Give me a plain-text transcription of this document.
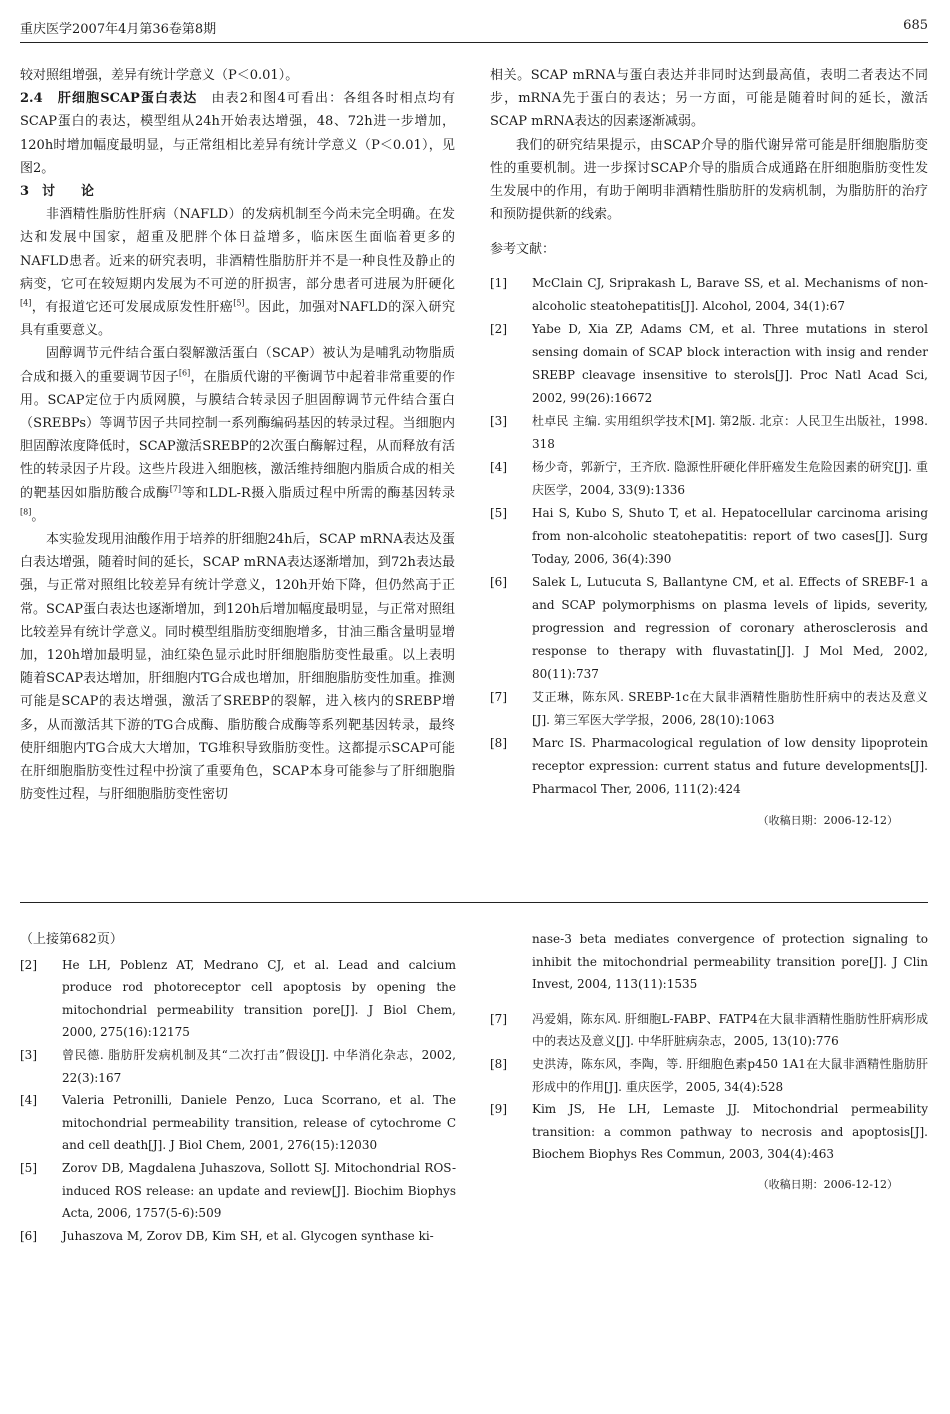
重庆医学2007年4月第36卷第8期	685

较对照组增强，差异有统计学意义（P＜0.01）。

2.4　肝细胞SCAP蛋白表达　由表2和图4可看出：各组各时相点均有SCAP蛋白的表达，模型组从24h开始表达增强，48、72h进一步增加，120h时增加幅度最明显，与正常组相比差异有统计学意义（P＜0.01），见图2。

3　讨　　论

非酒精性脂肪性肝病（NAFLD）的发病机制至今尚未完全明确。在发达和发展中国家，超重及肥胖个体日益增多，临床医生面临着更多的NAFLD患者。近来的研究表明，非酒精性脂肪肝并不是一种良性及静止的病变，它可在较短期内发展为不可逆的肝损害，部分患者可进展为肝硬化[4]，有报道它还可发展成原发性肝癌[5]。因此，加强对NAFLD的深入研究具有重要意义。

固醇调节元件结合蛋白裂解激活蛋白（SCAP）被认为是哺乳动物脂质合成和摄入的重要调节因子[6]，在脂质代谢的平衡调节中起着非常重要的作用。SCAP定位于内质网膜，与膜结合转录因子胆固醇调节元件结合蛋白（SREBPs）等调节因子共同控制一系列酶编码基因的转录过程。当细胞内胆固醇浓度降低时，SCAP激活SREBP的2次蛋白酶解过程，从而释放有活性的转录因子片段。这些片段进入细胞核，激活维持细胞内脂质合成的相关的靶基因如脂肪酸合成酶[7]等和LDL-R摄入脂质过程中所需的酶基因转录[8]。

本实验发现用油酸作用于培养的肝细胞24h后，SCAP mRNA表达及蛋白表达增强，随着时间的延长，SCAP mRNA表达逐渐增加，到72h表达最强，与正常对照组比较差异有统计学意义，120h开始下降，但仍然高于正常。SCAP蛋白表达也逐渐增加，到120h后增加幅度最明显，与正常对照组比较差异有统计学意义。同时模型组脂肪变细胞增多，甘油三酯含量明显增加，120h增加最明显，油红染色显示此时肝细胞脂肪变性最重。以上表明随着SCAP表达增加，肝细胞内TG合成也增加，肝细胞脂肪变性加重。推测可能是SCAP的表达增强，激活了SREBP的裂解，进入核内的SREBP增多，从而激活其下游的TG合成酶、脂肪酸合成酶等系列靶基因转录，最终使肝细胞内TG合成大大增加，TG堆积导致脂肪变性。这都提示SCAP可能在肝细胞脂肪变性过程中扮演了重要角色，SCAP本身可能参与了肝细胞脂肪变性过程，与肝细胞脂肪变性密切

相关。SCAP mRNA与蛋白表达并非同时达到最高值，表明二者表达不同步，mRNA先于蛋白的表达；另一方面，可能是随着时间的延长，激活SCAP mRNA表达的因素逐渐减弱。

我们的研究结果提示，由SCAP介导的脂代谢异常可能是肝细胞脂肪变性的重要机制。进一步探讨SCAP介导的脂质合成通路在肝细胞脂肪变性发生发展中的作用，有助于阐明非酒精性脂肪肝的发病机制，为脂肪肝的治疗和预防提供新的线索。

参考文献：

[1] McClain CJ, Sriprakash L, Barave SS, et al. Mechanisms of non-alcoholic steatohepatitis[J]. Alcohol, 2004, 34(1):67
[2] Yabe D, Xia ZP, Adams CM, et al. Three mutations in sterol sensing domain of SCAP block interaction with insig and render SREBP cleavage insensitive to sterols[J]. Proc Natl Acad Sci, 2002, 99(26):16672
[3] 杜卓民 主编. 实用组织学技术[M]. 第2版. 北京：人民卫生出版社，1998. 318
[4] 杨少奇，郭新宁，王齐欣. 隐源性肝硬化伴肝癌发生危险因素的研究[J]. 重庆医学，2004, 33(9):1336
[5] Hai S, Kubo S, Shuto T, et al. Hepatocellular carcinoma arising from non-alcoholic steatohepatitis: report of two cases[J]. Surg Today, 2006, 36(4):390
[6] Salek L, Lutucuta S, Ballantyne CM, et al. Effects of SREBF-1 a and SCAP polymorphisms on plasma levels of lipids, severity, progression and regression of coronary atherosclerosis and response to therapy with fluvastatin[J]. J Mol Med, 2002, 80(11):737
[7] 艾正琳，陈东风. SREBP-1c在大鼠非酒精性脂肪性肝病中的表达及意义[J]. 第三军医大学学报，2006, 28(10):1063
[8] Marc IS. Pharmacological regulation of low density lipoprotein receptor expression: current status and future developments[J]. Pharmacol Ther, 2006, 111(2):424

（收稿日期：2006-12-12）

（上接第682页）

[2] He LH, Poblenz AT, Medrano CJ, et al. Lead and calcium produce rod photoreceptor cell apoptosis by opening the mitochondrial permeability transition pore[J]. J Biol Chem, 2000, 275(16):12175
[3] 曾民德. 脂肪肝发病机制及其“二次打击”假设[J]. 中华消化杂志，2002, 22(3):167
[4] Valeria Petronilli, Daniele Penzo, Luca Scorrano, et al. The mitochondrial permeability transition, release of cytochrome C and cell death[J]. J Biol Chem, 2001, 276(15):12030
[5] Zorov DB, Magdalena Juhaszova, Sollott SJ. Mitochondrial ROS-induced ROS release: an update and review[J]. Biochim Biophys Acta, 2006, 1757(5-6):509
[6] Juhaszova M, Zorov DB, Kim SH, et al. Glycogen synthase ki-

nase-3 beta mediates convergence of protection signaling to inhibit the mitochondrial permeability transition pore[J]. J Clin Invest, 2004, 113(11):1535

[7] 冯爱娟，陈东风. 肝细胞L-FABP、FATP4在大鼠非酒精性脂肪性肝病形成中的表达及意义[J]. 中华肝脏病杂志，2005, 13(10):776
[8] 史洪涛，陈东风，李陶，等. 肝细胞色素p450 1A1在大鼠非酒精性脂肪肝形成中的作用[J]. 重庆医学，2005, 34(4):528
[9] Kim JS, He LH, Lemaste JJ. Mitochondrial permeability transition: a common pathway to necrosis and apoptosis[J]. Biochem Biophys Res Commun, 2003, 304(4):463

（收稿日期：2006-12-12）
